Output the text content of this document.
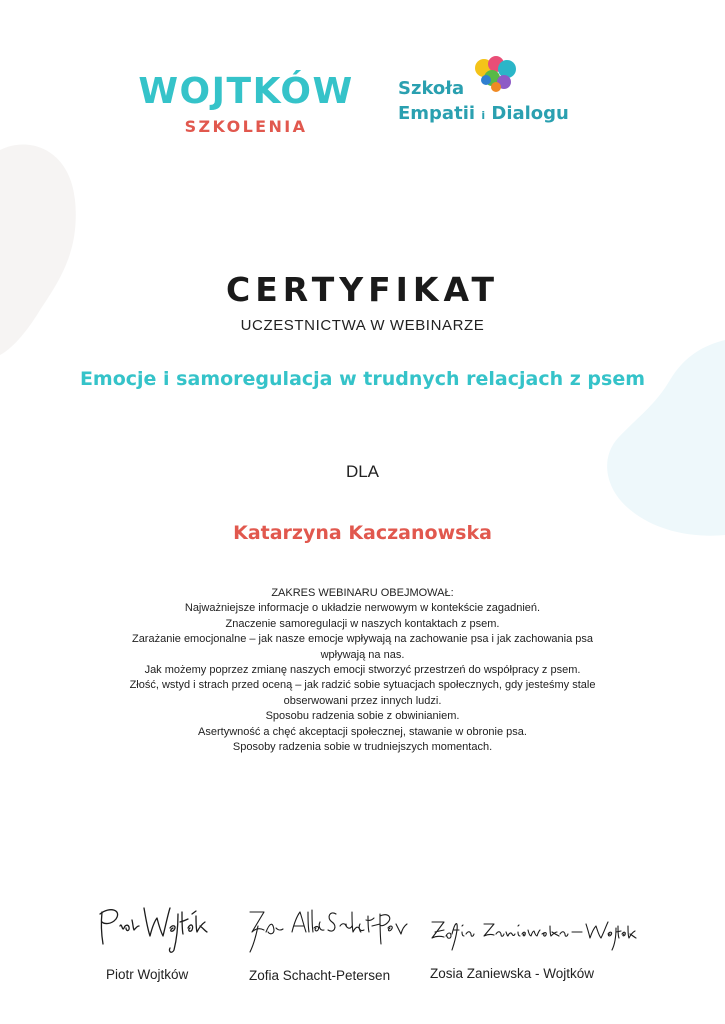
WOJTKÓW
SZKOLENIA
Szkoła
Empatii i Dialogu
CERTYFIKAT
UCZESTNICTWA W WEBINARZE
Emocje i samoregulacja w trudnych relacjach z psem
DLA
Katarzyna Kaczanowska
ZAKRES WEBINARU OBEJMOWAŁ:
Najważniejsze informacje o układzie nerwowym w kontekście zagadnień.
Znaczenie samoregulacji w naszych kontaktach z psem.
Zarażanie emocjonalne – jak nasze emocje wpływają na zachowanie psa i jak zachowania psa wpływają na nas.
Jak możemy poprzez zmianę naszych emocji stworzyć przestrzeń do współpracy z psem.
Złość, wstyd i strach przed oceną – jak radzić sobie sytuacjach społecznych, gdy jesteśmy stale obserwowani przez innych ludzi.
Sposobu radzenia sobie z obwinianiem.
Asertywność a chęć akceptacji społecznej, stawanie w obronie psa.
Sposoby radzenia sobie w trudniejszych momentach.
Piotr Wojtków	Zofia Schacht-Petersen	Zosia Zaniewska - Wojtków
